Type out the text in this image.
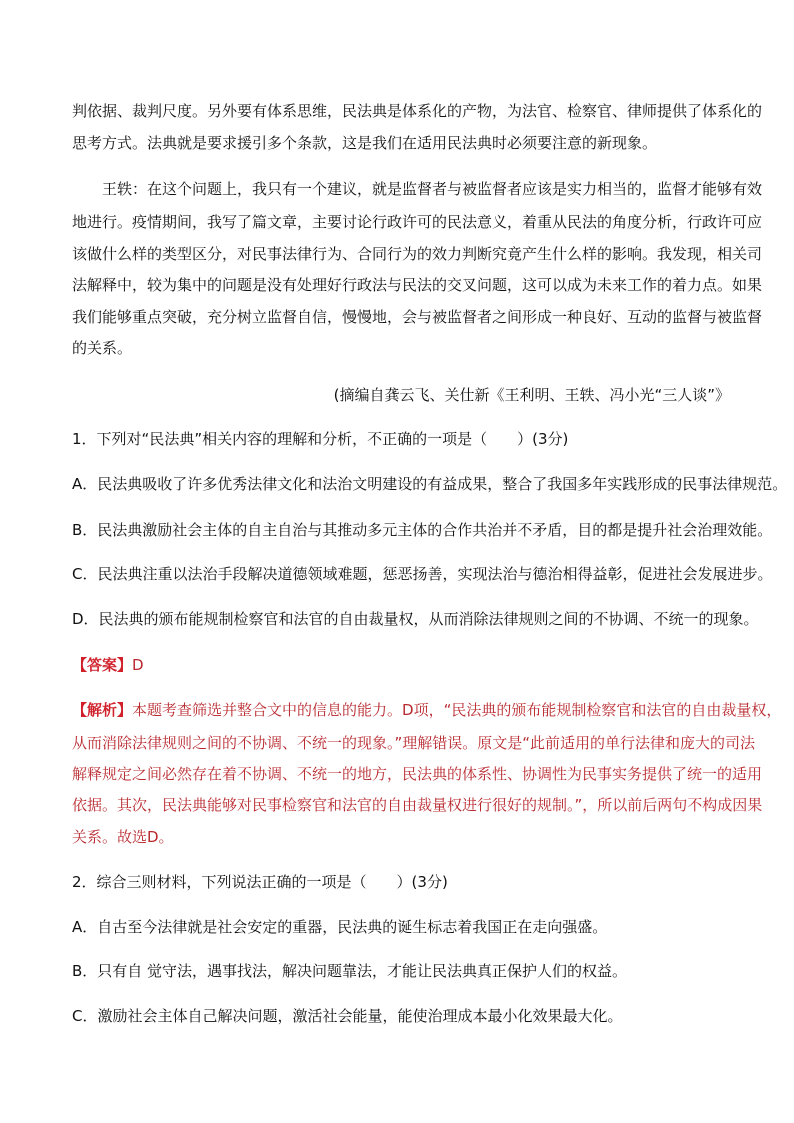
判依据、裁判尺度。另外要有体系思维，民法典是体系化的产物，为法官、检察官、律师提供了体系化的

思考方式。法典就是要求援引多个条款，这是我们在适用民法典时必须要注意的新现象。

王轶：在这个问题上，我只有一个建议，就是监督者与被监督者应该是实力相当的，监督才能够有效

地进行。疫情期间，我写了篇文章，主要讨论行政许可的民法意义，着重从民法的角度分析，行政许可应

该做什么样的类型区分，对民事法律行为、合同行为的效力判断究竟产生什么样的影响。我发现，相关司

法解释中，较为集中的问题是没有处理好行政法与民法的交叉问题，这可以成为未来工作的着力点。如果

我们能够重点突破，充分树立监督自信，慢慢地，会与被监督者之间形成一种良好、互动的监督与被监督

的关系。

(摘编自龚云飞、关仕新《王利明、王轶、冯小光“三人谈”》

1．下列对“民法典”相关内容的理解和分析，不正确的一项是（　　）(3分)

A．民法典吸收了许多优秀法律文化和法治文明建设的有益成果，整合了我国多年实践形成的民事法律规范。

B．民法典激励社会主体的自主自治与其推动多元主体的合作共治并不矛盾，目的都是提升社会治理效能。

C．民法典注重以法治手段解决道德领域难题，惩恶扬善，实现法治与德治相得益彰，促进社会发展进步。

D．民法典的颁布能规制检察官和法官的自由裁量权，从而消除法律规则之间的不协调、不统一的现象。

【答案】D

【解析】本题考查筛选并整合文中的信息的能力。D项，“民法典的颁布能规制检察官和法官的自由裁量权，

从而消除法律规则之间的不协调、不统一的现象。”理解错误。原文是“此前适用的单行法律和庞大的司法

解释规定之间必然存在着不协调、不统一的地方，民法典的体系性、协调性为民事实务提供了统一的适用

依据。其次，民法典能够对民事检察官和法官的自由裁量权进行很好的规制。”，所以前后两句不构成因果

关系。故选D。

2．综合三则材料，下列说法正确的一项是（　　）(3分)

A．自古至今法律就是社会安定的重器，民法典的诞生标志着我国正在走向强盛。

B．只有自 觉守法，遇事找法，解决问题靠法，才能让民法典真正保护人们的权益。

C．激励社会主体自己解决问题，激活社会能量，能使治理成本最小化效果最大化。
